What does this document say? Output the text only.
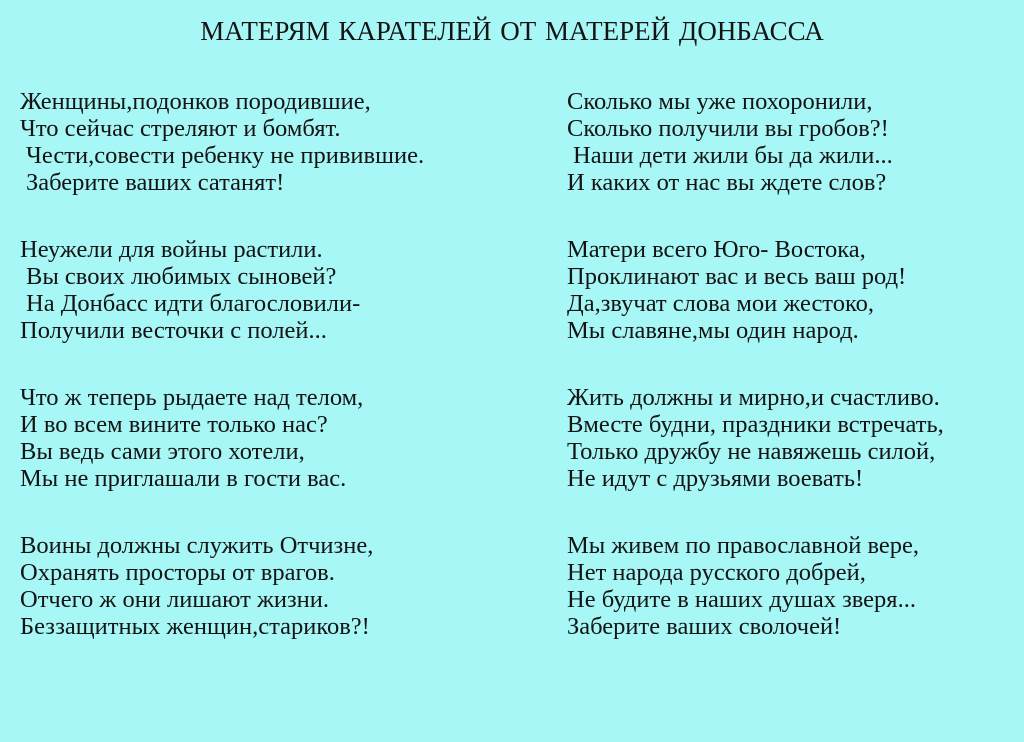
МАТЕРЯМ КАРАТЕЛЕЙ ОТ МАТЕРЕЙ ДОНБАССА
Женщины,подонков породившие,
Что сейчас стреляют и бомбят.
Чести,совести ребенку не привившие.
Заберите ваших сатанят!
Неужели для войны растили.
Вы своих любимых сыновей?
На Донбасс идти благословили-
Получили весточки с полей...
Что ж теперь рыдаете над телом,
И во всем вините только нас?
Вы ведь сами этого хотели,
Мы не приглашали в гости вас.
Воины должны служить Отчизне,
Охранять просторы от врагов.
Отчего ж они лишают жизни.
Беззащитных женщин,стариков?!
Сколько мы уже похоронили,
Сколько получили вы гробов?!
Наши дети жили бы да жили...
И каких от нас вы ждете слов?
Матери всего Юго- Востока,
Проклинают вас и весь ваш род!
Да,звучат слова мои жестоко,
Мы славяне,мы один народ.
Жить должны и мирно,и счастливо.
Вместе будни, праздники встречать,
Только дружбу не навяжешь силой,
Не идут с друзьями воевать!
Мы живем по православной вере,
Нет народа русского добрей,
Не будите в наших душах зверя...
Заберите ваших сволочей!
